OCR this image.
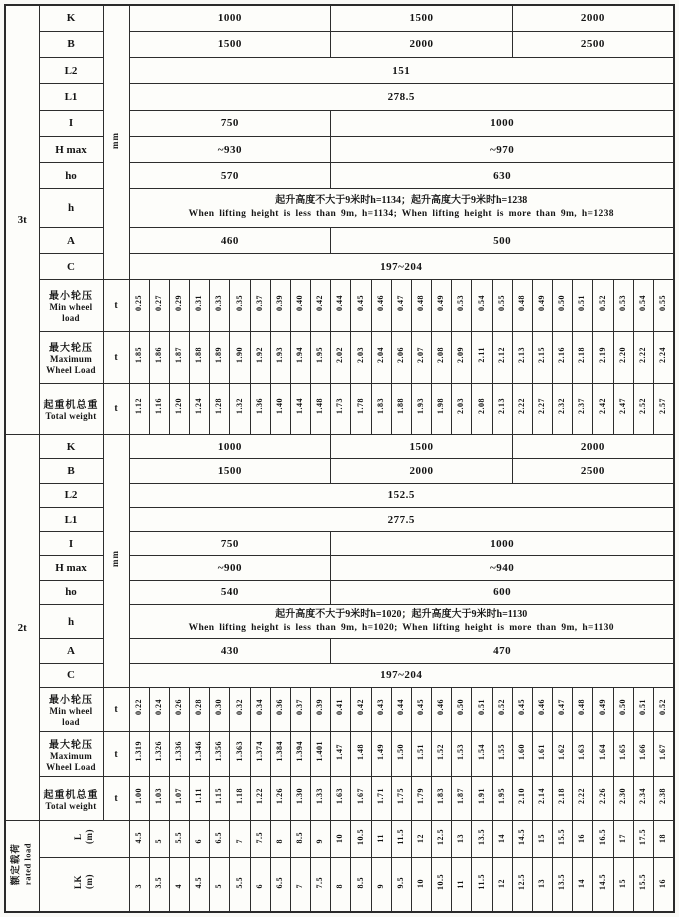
3t	K	mm	1000										1500									2000							
	B		1500										2000									2500							
	L2		151																										
	L1		278.5																										
	I		750										1000																
	H max		~930										~970																
	ho		570										630																
	h		起升高度不大于9米时h=1134；起升高度大于9米时h=1238
When lifting height is less than 9m, h=1134; When lifting height is more than 9m, h=1238																										

	A		460										500																
	C		197~204																										

	最小轮压
Min wheel load	t	0.25	0.27	0.29	0.31	0.33	0.35	0.37	0.39	0.40	0.42	0.44	0.45	0.46	0.47	0.48	0.49	0.53	0.54	0.55	0.48	0.49	0.50	0.51	0.52	0.53	0.54	0.55

	最大轮压
Maximum Wheel Load	t	1.85	1.86	1.87	1.88	1.89	1.90	1.92	1.93	1.94	1.95	2.02	2.03	2.04	2.06	2.07	2.08	2.09	2.11	2.12	2.13	2.15	2.16	2.18	2.19	2.20	2.22	2.24

	起重机总重
Total weight	t	1.12	1.16	1.20	1.24	1.28	1.32	1.36	1.40	1.44	1.48	1.73	1.78	1.83	1.88	1.93	1.98	2.03	2.08	2.13	2.22	2.27	2.32	2.37	2.42	2.47	2.52	2.57
2t	K	mm	1000										1500									2000							
	B		1500										2000									2500							
	L2		152.5																										
	L1		277.5																										
	I		750										1000																
	H max		~900										~940																
	ho		540										600																
	h		起升高度不大于9米时h=1020；起升高度大于9米时h=1130
When lifting height is less than 9m, h=1020; When lifting height is more than 9m, h=1130																										

	A		430										470																
	C		197~204																										

	最小轮压
Min wheel load	t	0.22	0.24	0.26	0.28	0.30	0.32	0.34	0.36	0.37	0.39	0.41	0.42	0.43	0.44	0.45	0.46	0.50	0.51	0.52	0.45	0.46	0.47	0.48	0.49	0.50	0.51	0.52

	最大轮压
Maximum Wheel Load	t	1.319	1.326	1.336	1.346	1.356	1.363	1.374	1.384	1.394	1.401	1.47	1.48	1.49	1.50	1.51	1.52	1.53	1.54	1.55	1.60	1.61	1.62	1.63	1.64	1.65	1.66	1.67

	起重机总重
Total weight	t	1.00	1.03	1.07	1.11	1.15	1.18	1.22	1.26	1.30	1.33	1.63	1.67	1.71	1.75	1.79	1.83	1.87	1.91	1.95	2.10	2.14	2.18	2.22	2.26	2.30	2.34	2.38

额定载荷 rated load

L (m)	4.5	5	5.5	6	6.5	7	7.5	8	8.5	9	10	10.5	11	11.5	12	12.5	13	13.5	14	14.5	15	15.5	16	16.5	17	17.5	18

	LK (m)		3	3.5	4	4.5	5	5.5	6	6.5	7	7.5	8	8.5	9	9.5	10	10.5	11	11.5	12	12.5	13	13.5	14	14.5	15	15.5	16
